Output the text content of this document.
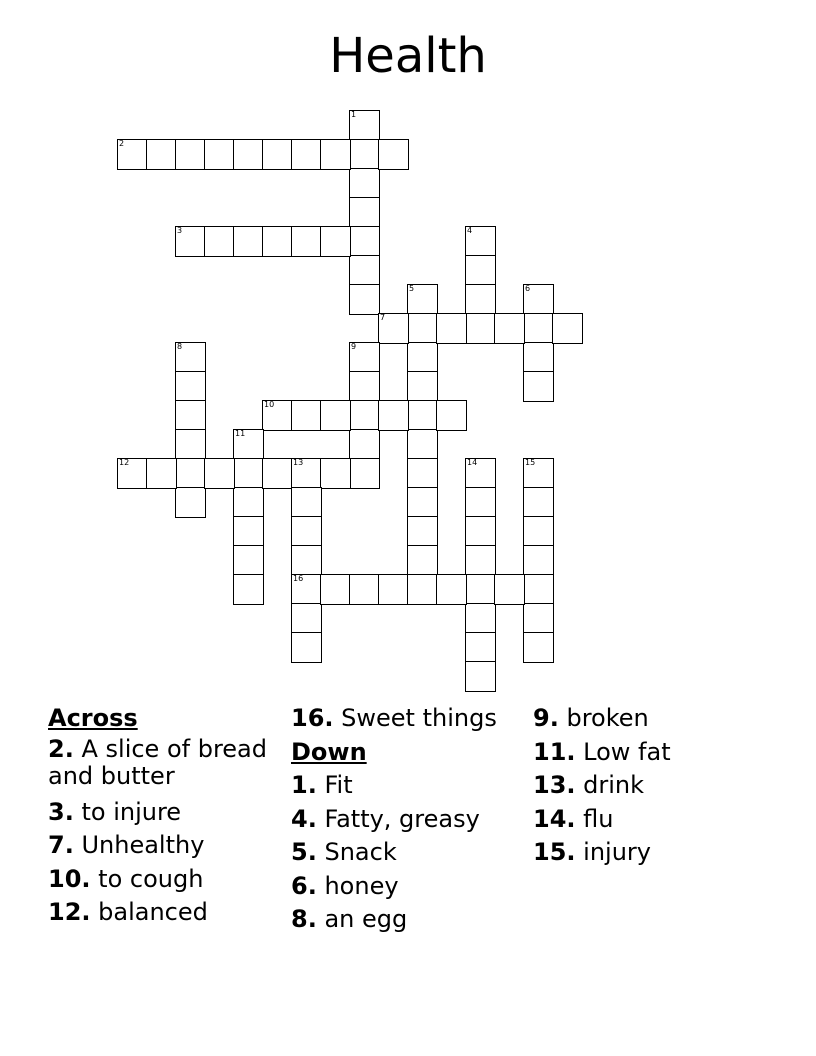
Health
1
2
3	4
5	6
7
8	9
10
11
12	13
16
14	15
Across
2. A slice of bread and butter
3. to injure
7. Unhealthy
10. to cough
12. balanced
16. Sweet things
Down
1. Fit
4. Fatty, greasy
5. Snack
6. honey
8. an egg
9. broken
11. Low fat
13. drink
14. flu
15. injury
